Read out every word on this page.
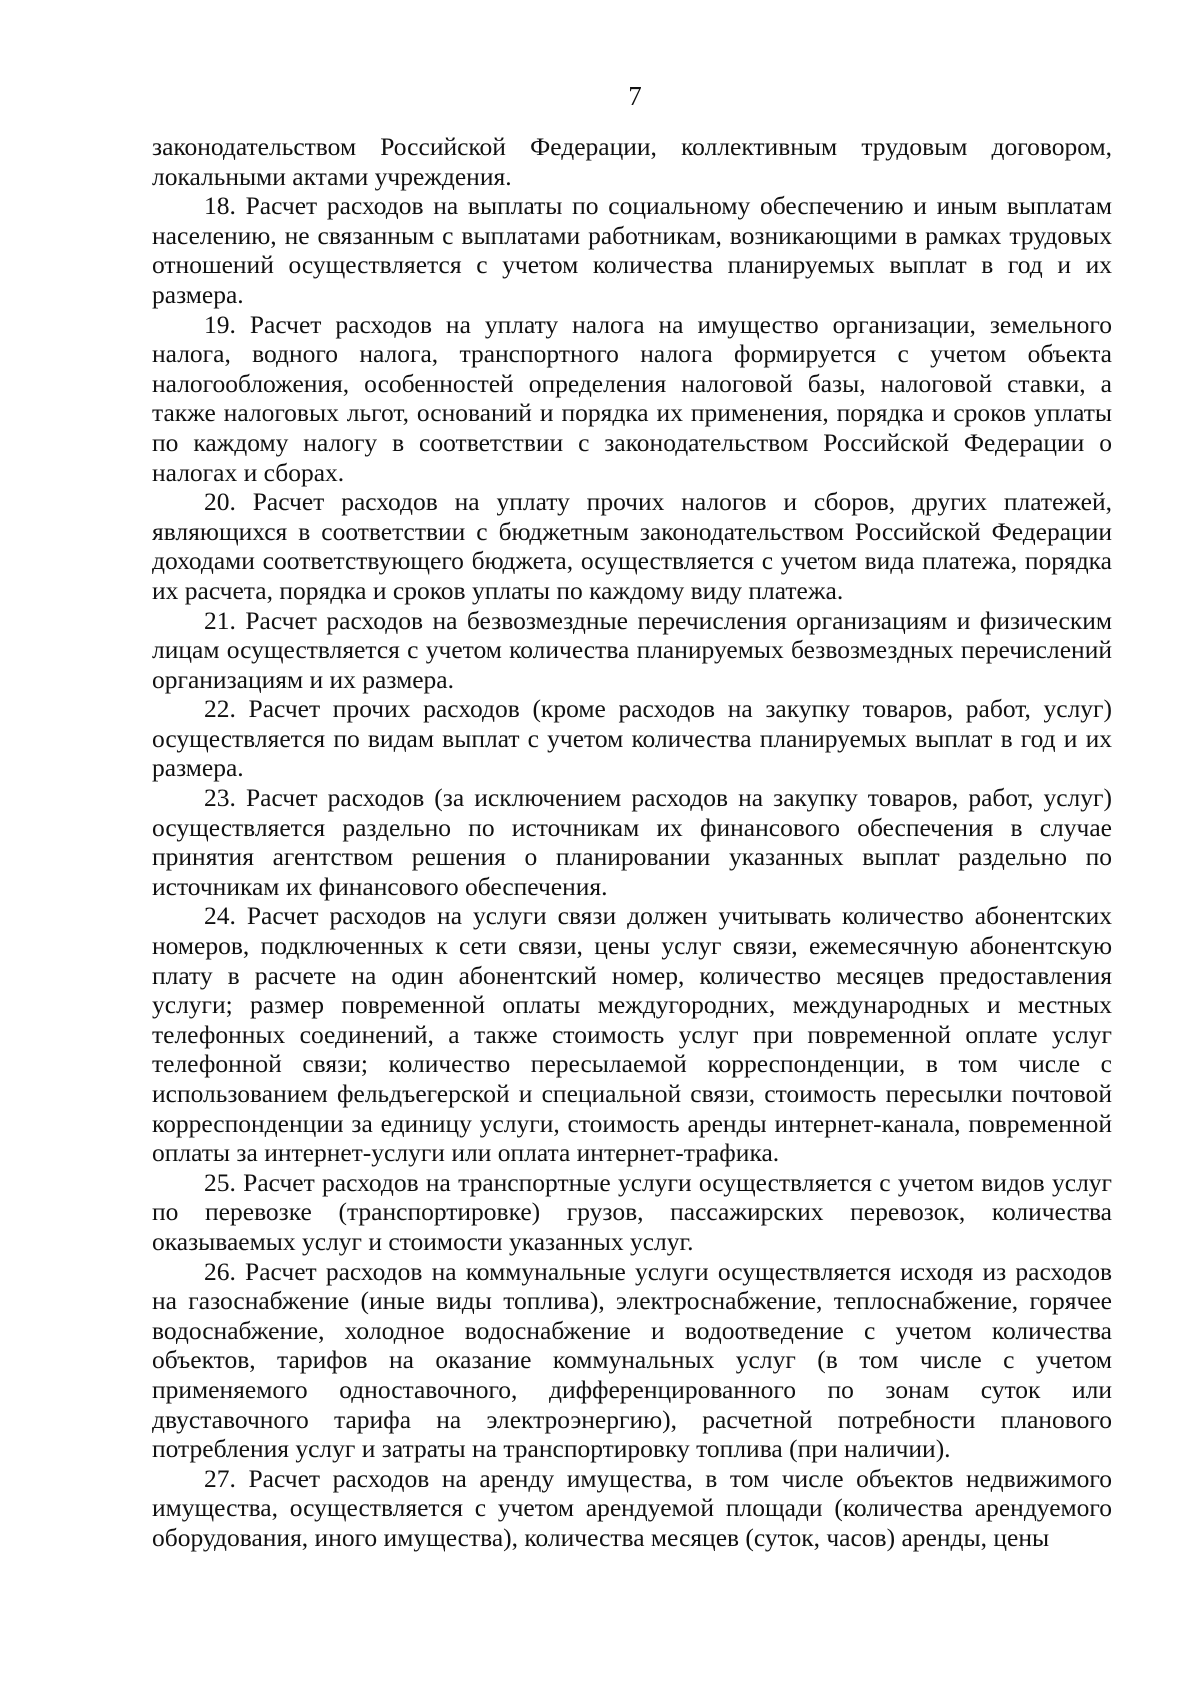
7

законодательством Российской Федерации, коллективным трудовым договором, локальными актами учреждения.

18. Расчет расходов на выплаты по социальному обеспечению и иным выплатам населению, не связанным с выплатами работникам, возникающими в рамках трудовых отношений осуществляется с учетом количества планируемых выплат в год и их размера.

19. Расчет расходов на уплату налога на имущество организации, земельного налога, водного налога, транспортного налога формируется с учетом объекта налогообложения, особенностей определения налоговой базы, налоговой ставки, а также налоговых льгот, оснований и порядка их применения, порядка и сроков уплаты по каждому налогу в соответствии с законодательством Российской Федерации о налогах и сборах.

20. Расчет расходов на уплату прочих налогов и сборов, других платежей, являющихся в соответствии с бюджетным законодательством Российской Федерации доходами соответствующего бюджета, осуществляется с учетом вида платежа, порядка их расчета, порядка и сроков уплаты по каждому виду платежа.

21. Расчет расходов на безвозмездные перечисления организациям и физическим лицам осуществляется с учетом количества планируемых безвозмездных перечислений организациям и их размера.

22. Расчет прочих расходов (кроме расходов на закупку товаров, работ, услуг) осуществляется по видам выплат с учетом количества планируемых выплат в год и их размера.

23. Расчет расходов (за исключением расходов на закупку товаров, работ, услуг) осуществляется раздельно по источникам их финансового обеспечения в случае принятия агентством решения о планировании указанных выплат раздельно по источникам их финансового обеспечения.

24. Расчет расходов на услуги связи должен учитывать количество абонентских номеров, подключенных к сети связи, цены услуг связи, ежемесячную абонентскую плату в расчете на один абонентский номер, количество месяцев предоставления услуги; размер повременной оплаты междугородних, международных и местных телефонных соединений, а также стоимость услуг при повременной оплате услуг телефонной связи; количество пересылаемой корреспонденции, в том числе с использованием фельдъегерской и специальной связи, стоимость пересылки почтовой корреспонденции за единицу услуги, стоимость аренды интернет-канала, повременной оплаты за интернет-услуги или оплата интернет-трафика.

25. Расчет расходов на транспортные услуги осуществляется с учетом видов услуг по перевозке (транспортировке) грузов, пассажирских перевозок, количества оказываемых услуг и стоимости указанных услуг.

26. Расчет расходов на коммунальные услуги осуществляется исходя из расходов на газоснабжение (иные виды топлива), электроснабжение, теплоснабжение, горячее водоснабжение, холодное водоснабжение и водоотведение с учетом количества объектов, тарифов на оказание коммунальных услуг (в том числе с учетом применяемого одноставочного, дифференцированного по зонам суток или двуставочного тарифа на электроэнергию), расчетной потребности планового потребления услуг и затраты на транспортировку топлива (при наличии).

27. Расчет расходов на аренду имущества, в том числе объектов недвижимого имущества, осуществляется с учетом арендуемой площади (количества арендуемого оборудования, иного имущества), количества месяцев (суток, часов) аренды, цены
